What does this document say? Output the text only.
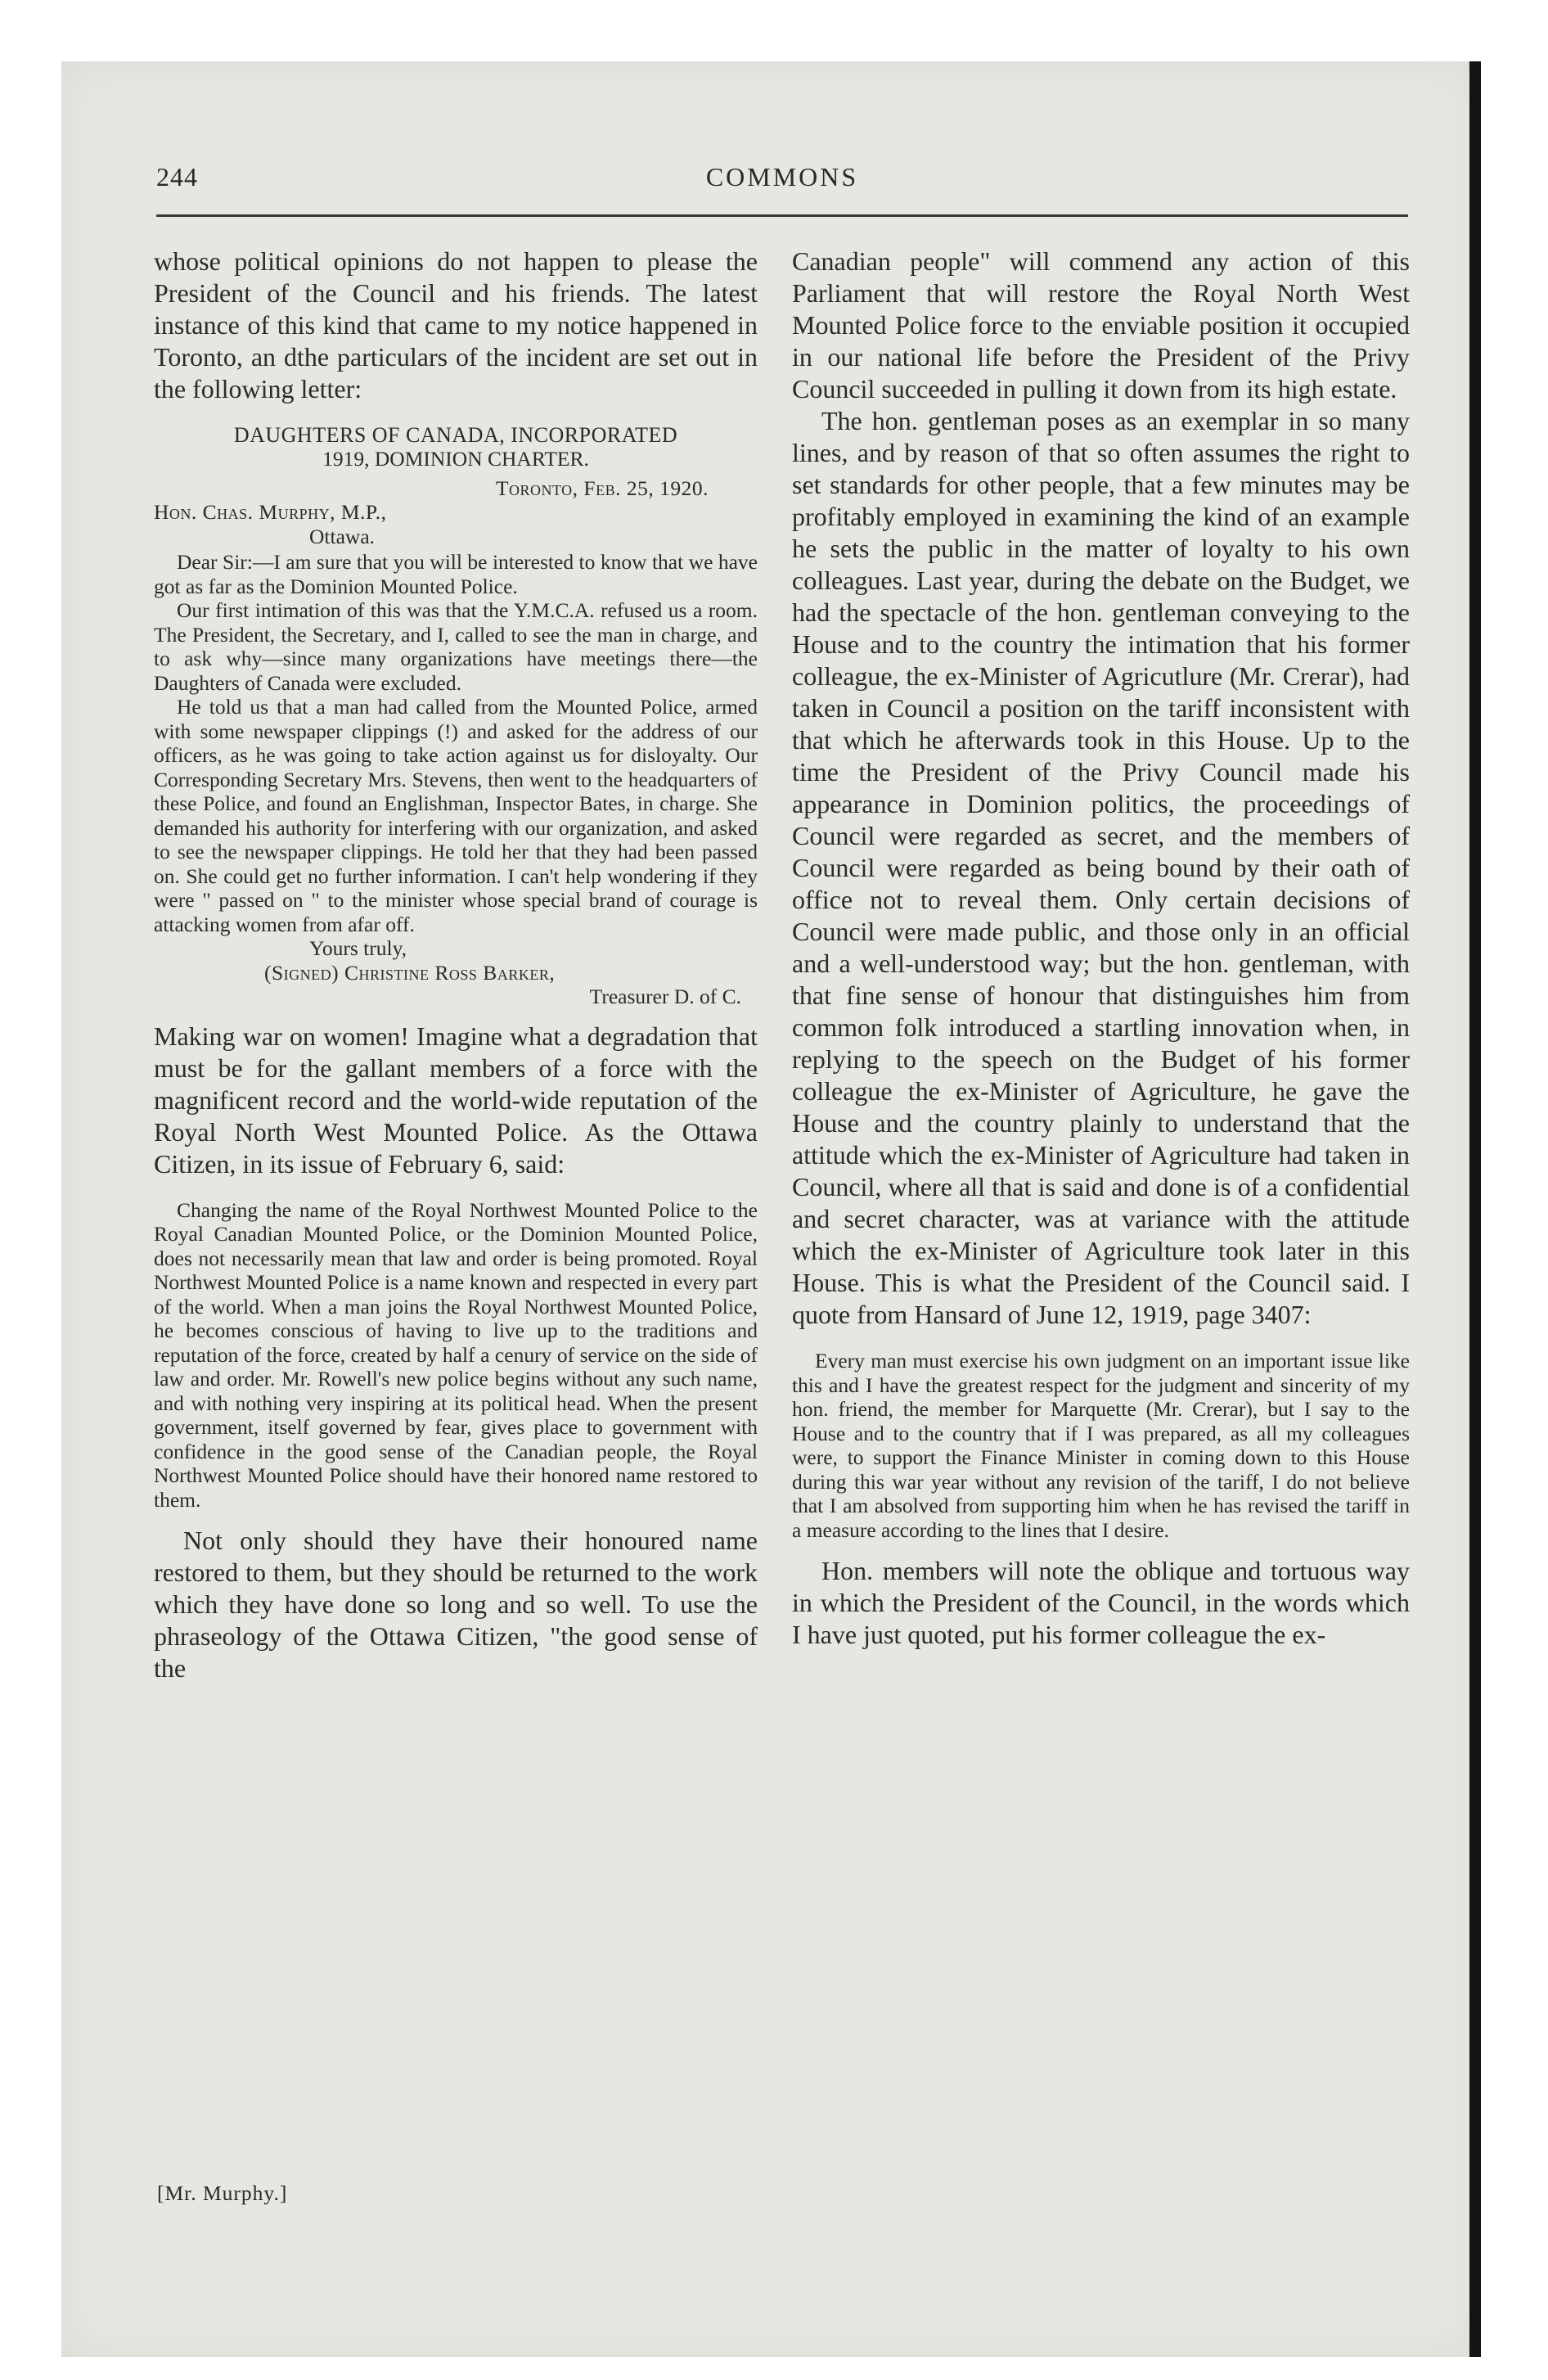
244	COMMONS

whose political opinions do not happen to please the President of the Council and his friends. The latest instance of this kind that came to my notice happened in Toronto, an dthe particulars of the incident are set out in the following letter:

DAUGHTERS OF CANADA, INCORPORATED

1919, DOMINION CHARTER.

Toronto, Feb. 25, 1920.

Hon. Chas. Murphy, M.P.,

Ottawa.

Dear Sir:—I am sure that you will be interested to know that we have got as far as the Dominion Mounted Police.

Our first intimation of this was that the Y.M.C.A. refused us a room. The President, the Secretary, and I, called to see the man in charge, and to ask why—since many organizations have meetings there—the Daughters of Canada were excluded.

He told us that a man had called from the Mounted Police, armed with some newspaper clippings (!) and asked for the address of our officers, as he was going to take action against us for disloyalty. Our Corresponding Secretary Mrs. Stevens, then went to the headquarters of these Police, and found an Englishman, Inspector Bates, in charge. She demanded his authority for interfering with our organization, and asked to see the newspaper clippings. He told her that they had been passed on. She could get no further information. I can't help wondering if they were " passed on " to the minister whose special brand of courage is attacking women from afar off.

Yours truly,

(Signed) Christine Ross Barker,

Treasurer D. of C.

Making war on women! Imagine what a degradation that must be for the gallant members of a force with the magnificent record and the world-wide reputation of the Royal North West Mounted Police. As the Ottawa Citizen, in its issue of February 6, said:

Changing the name of the Royal Northwest Mounted Police to the Royal Canadian Mounted Police, or the Dominion Mounted Police, does not necessarily mean that law and order is being promoted. Royal Northwest Mounted Police is a name known and respected in every part of the world. When a man joins the Royal Northwest Mounted Police, he becomes conscious of having to live up to the traditions and reputation of the force, created by half a cenury of service on the side of law and order. Mr. Rowell's new police begins without any such name, and with nothing very inspiring at its political head. When the present government, itself governed by fear, gives place to government with confidence in the good sense of the Canadian people, the Royal Northwest Mounted Police should have their honored name restored to them.

Not only should they have their honoured name restored to them, but they should be returned to the work which they have done so long and so well. To use the phraseology of the Ottawa Citizen, "the good sense of the

Canadian people" will commend any action of this Parliament that will restore the Royal North West Mounted Police force to the enviable position it occupied in our national life before the President of the Privy Council succeeded in pulling it down from its high estate.

The hon. gentleman poses as an exemplar in so many lines, and by reason of that so often assumes the right to set standards for other people, that a few minutes may be profitably employed in examining the kind of an example he sets the public in the matter of loyalty to his own colleagues. Last year, during the debate on the Budget, we had the spectacle of the hon. gentleman conveying to the House and to the country the intimation that his former colleague, the ex-Minister of Agricutlure (Mr. Crerar), had taken in Council a position on the tariff inconsistent with that which he afterwards took in this House. Up to the time the President of the Privy Council made his appearance in Dominion politics, the proceedings of Council were regarded as secret, and the members of Council were regarded as being bound by their oath of office not to reveal them. Only certain decisions of Council were made public, and those only in an official and a well-understood way; but the hon. gentleman, with that fine sense of honour that distinguishes him from common folk introduced a startling innovation when, in replying to the speech on the Budget of his former colleague the ex-Minister of Agriculture, he gave the House and the country plainly to understand that the attitude which the ex-Minister of Agriculture had taken in Council, where all that is said and done is of a confidential and secret character, was at variance with the attitude which the ex-Minister of Agriculture took later in this House. This is what the President of the Council said. I quote from Hansard of June 12, 1919, page 3407:

Every man must exercise his own judgment on an important issue like this and I have the greatest respect for the judgment and sincerity of my hon. friend, the member for Marquette (Mr. Crerar), but I say to the House and to the country that if I was prepared, as all my colleagues were, to support the Finance Minister in coming down to this House during this war year without any revision of the tariff, I do not believe that I am absolved from supporting him when he has revised the tariff in a measure according to the lines that I desire.

Hon. members will note the oblique and tortuous way in which the President of the Council, in the words which I have just quoted, put his former colleague the ex-

[Mr. Murphy.]
